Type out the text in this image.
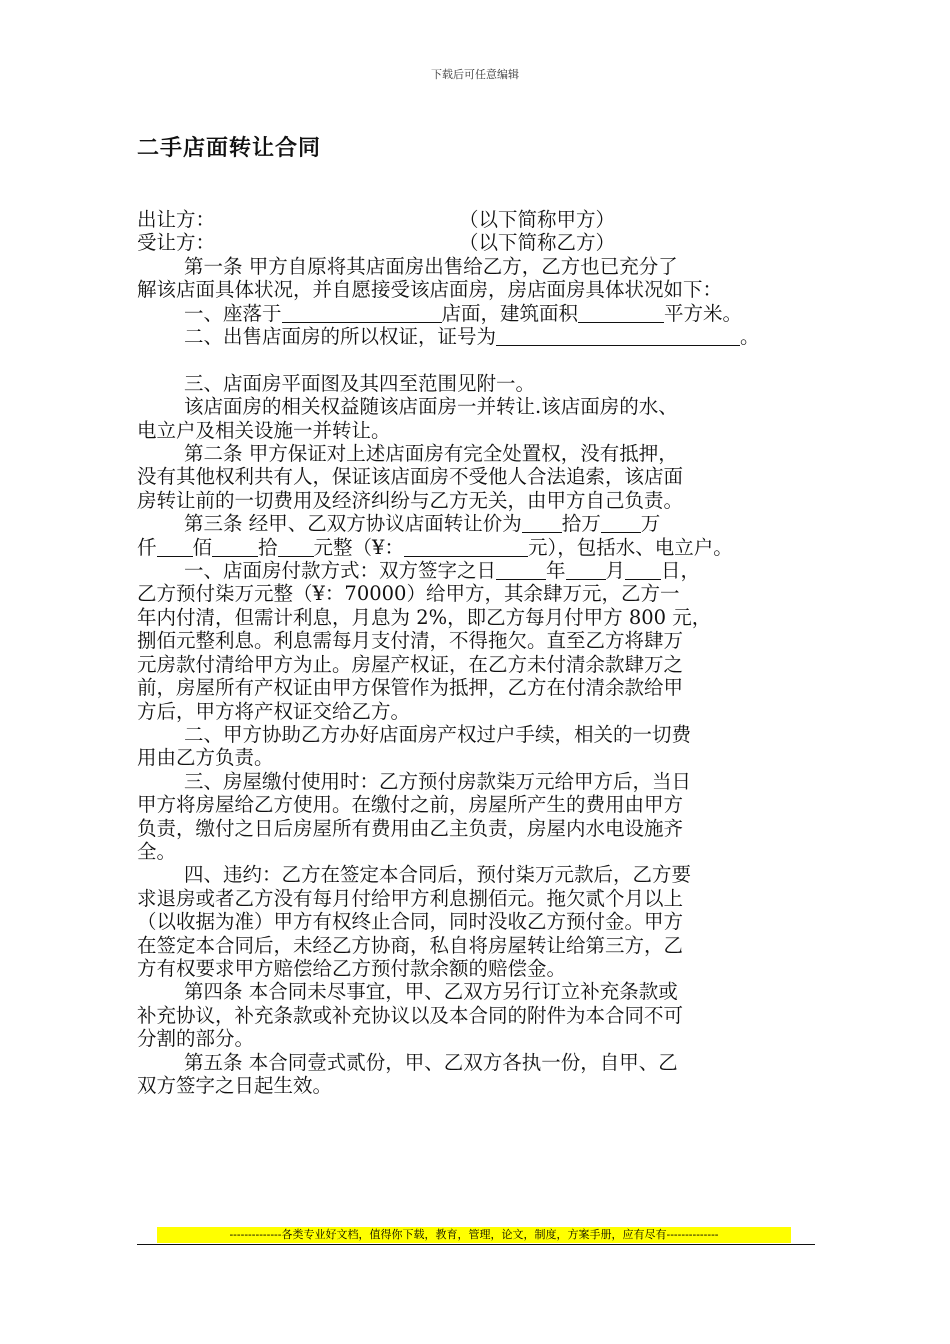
下载后可任意编辑
二手店面转让合同
出让方：	（以下简称甲方）
受让方：	（以下简称乙方）
第一条 甲方自原将其店面房出售给乙方，乙方也已充分了
解该店面具体状况，并自愿接受该店面房，房店面房具体状况如下：
一、座落于	店面，建筑面积	平方米。
二、出售店面房的所以权证，证号为	。
三、店面房平面图及其四至范围见附一。
该店面房的相关权益随该店面房一并转让.该店面房的水、
电立户及相关设施一并转让。
第二条 甲方保证对上述店面房有完全处置权，没有抵押，
没有其他权利共有人，保证该店面房不受他人合法追索，该店面
房转让前的一切费用及经济纠纷与乙方无关，由甲方自己负责。
第三条 经甲、乙双方协议店面转让价为 拾万 万
仟 佰 拾 元整（¥：	元），包括水、电立户。
一、店面房付款方式：双方签字之日	年 月 日，
乙方预付柒万元整（¥：70000）给甲方，其余肆万元，乙方一
年内付清，但需计利息，月息为 2%，即乙方每月付甲方 800 元，
捌佰元整利息。利息需每月支付清，不得拖欠。直至乙方将肆万
元房款付清给甲方为止。房屋产权证，在乙方未付清余款肆万之
前，房屋所有产权证由甲方保管作为抵押，乙方在付清余款给甲
方后，甲方将产权证交给乙方。
二、甲方协助乙方办好店面房产权过户手续，相关的一切费
用由乙方负责。
三、房屋缴付使用时：乙方预付房款柒万元给甲方后，当日
甲方将房屋给乙方使用。在缴付之前，房屋所产生的费用由甲方
负责，缴付之日后房屋所有费用由乙主负责，房屋内水电设施齐
全。
四、违约：乙方在签定本合同后，预付柒万元款后，乙方要
求退房或者乙方没有每月付给甲方利息捌佰元。拖欠贰个月以上
（以收据为准）甲方有权终止合同，同时没收乙方预付金。甲方
在签定本合同后，未经乙方协商，私自将房屋转让给第三方，乙
方有权要求甲方赔偿给乙方预付款余额的赔偿金。
第四条 本合同未尽事宜，甲、乙双方另行订立补充条款或
补充协议，补充条款或补充协议以及本合同的附件为本合同不可
分割的部分。
第五条 本合同壹式贰份，甲、乙双方各执一份，自甲、乙
双方签字之日起生效。
--------------各类专业好文档，值得你下载，教育，管理，论文，制度，方案手册，应有尽有--------------
